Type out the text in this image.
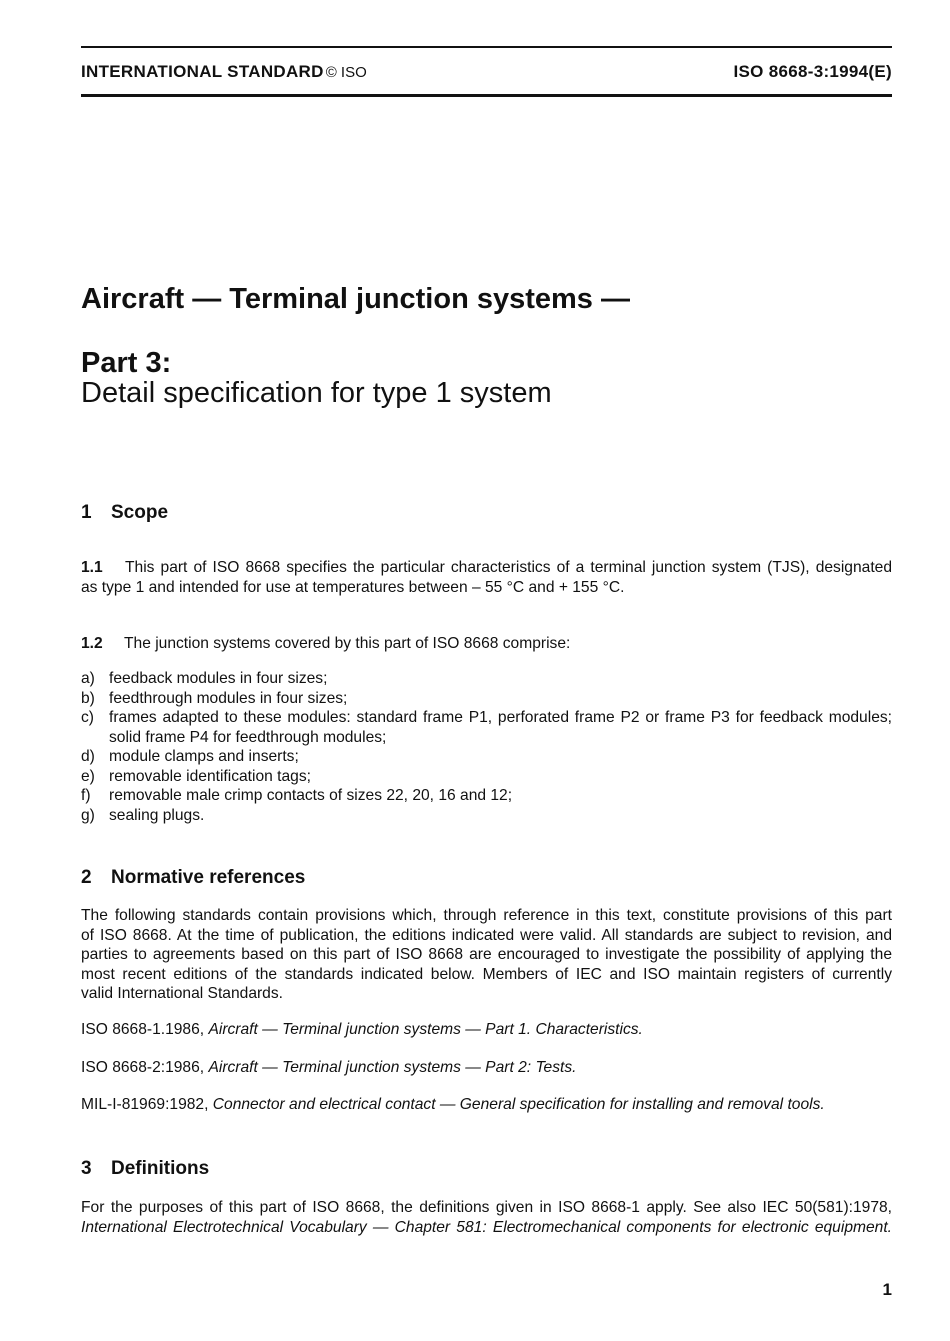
INTERNATIONAL STANDARD © ISO	ISO 8668-3:1994(E)
Aircraft — Terminal junction systems —
Part 3:
Detail specification for type 1 system
1 Scope
1.1 This part of ISO 8668 specifies the particular characteristics of a terminal junction system (TJS), designated
as type 1 and intended for use at temperatures between – 55 °C and + 155 °C.
1.2 The junction systems covered by this part of ISO 8668 comprise:
a) feedback modules in four sizes;
b) feedthrough modules in four sizes;
c) frames adapted to these modules: standard frame P1, perforated frame P2 or frame P3 for feedback modules;
solid frame P4 for feedthrough modules;
d) module clamps and inserts;
e) removable identification tags;
f)	removable male crimp contacts of sizes 22, 20, 16 and 12;
g) sealing plugs.
2 Normative references
The following standards contain provisions which, through reference in this text, constitute provisions of this part
of ISO 8668. At the time of publication, the editions indicated were valid. All standards are subject to revision, and
parties to agreements based on this part of ISO 8668 are encouraged to investigate the possibility of applying the
most recent editions of the standards indicated below. Members of IEC and ISO maintain registers of currently
valid International Standards.
ISO 8668-1.1986, Aircraft — Terminal junction systems — Part 1. Characteristics.
ISO 8668-2:1986, Aircraft — Terminal junction systems — Part 2: Tests.
MIL-I-81969:1982, Connector and electrical contact — General specification for installing and removal tools.
3 Definitions
For the purposes of this part of ISO 8668, the definitions given in ISO 8668-1 apply. See also IEC 50(581):1978,
International Electrotechnical Vocabulary — Chapter 581: Electromechanical components for electronic equipment.
1
